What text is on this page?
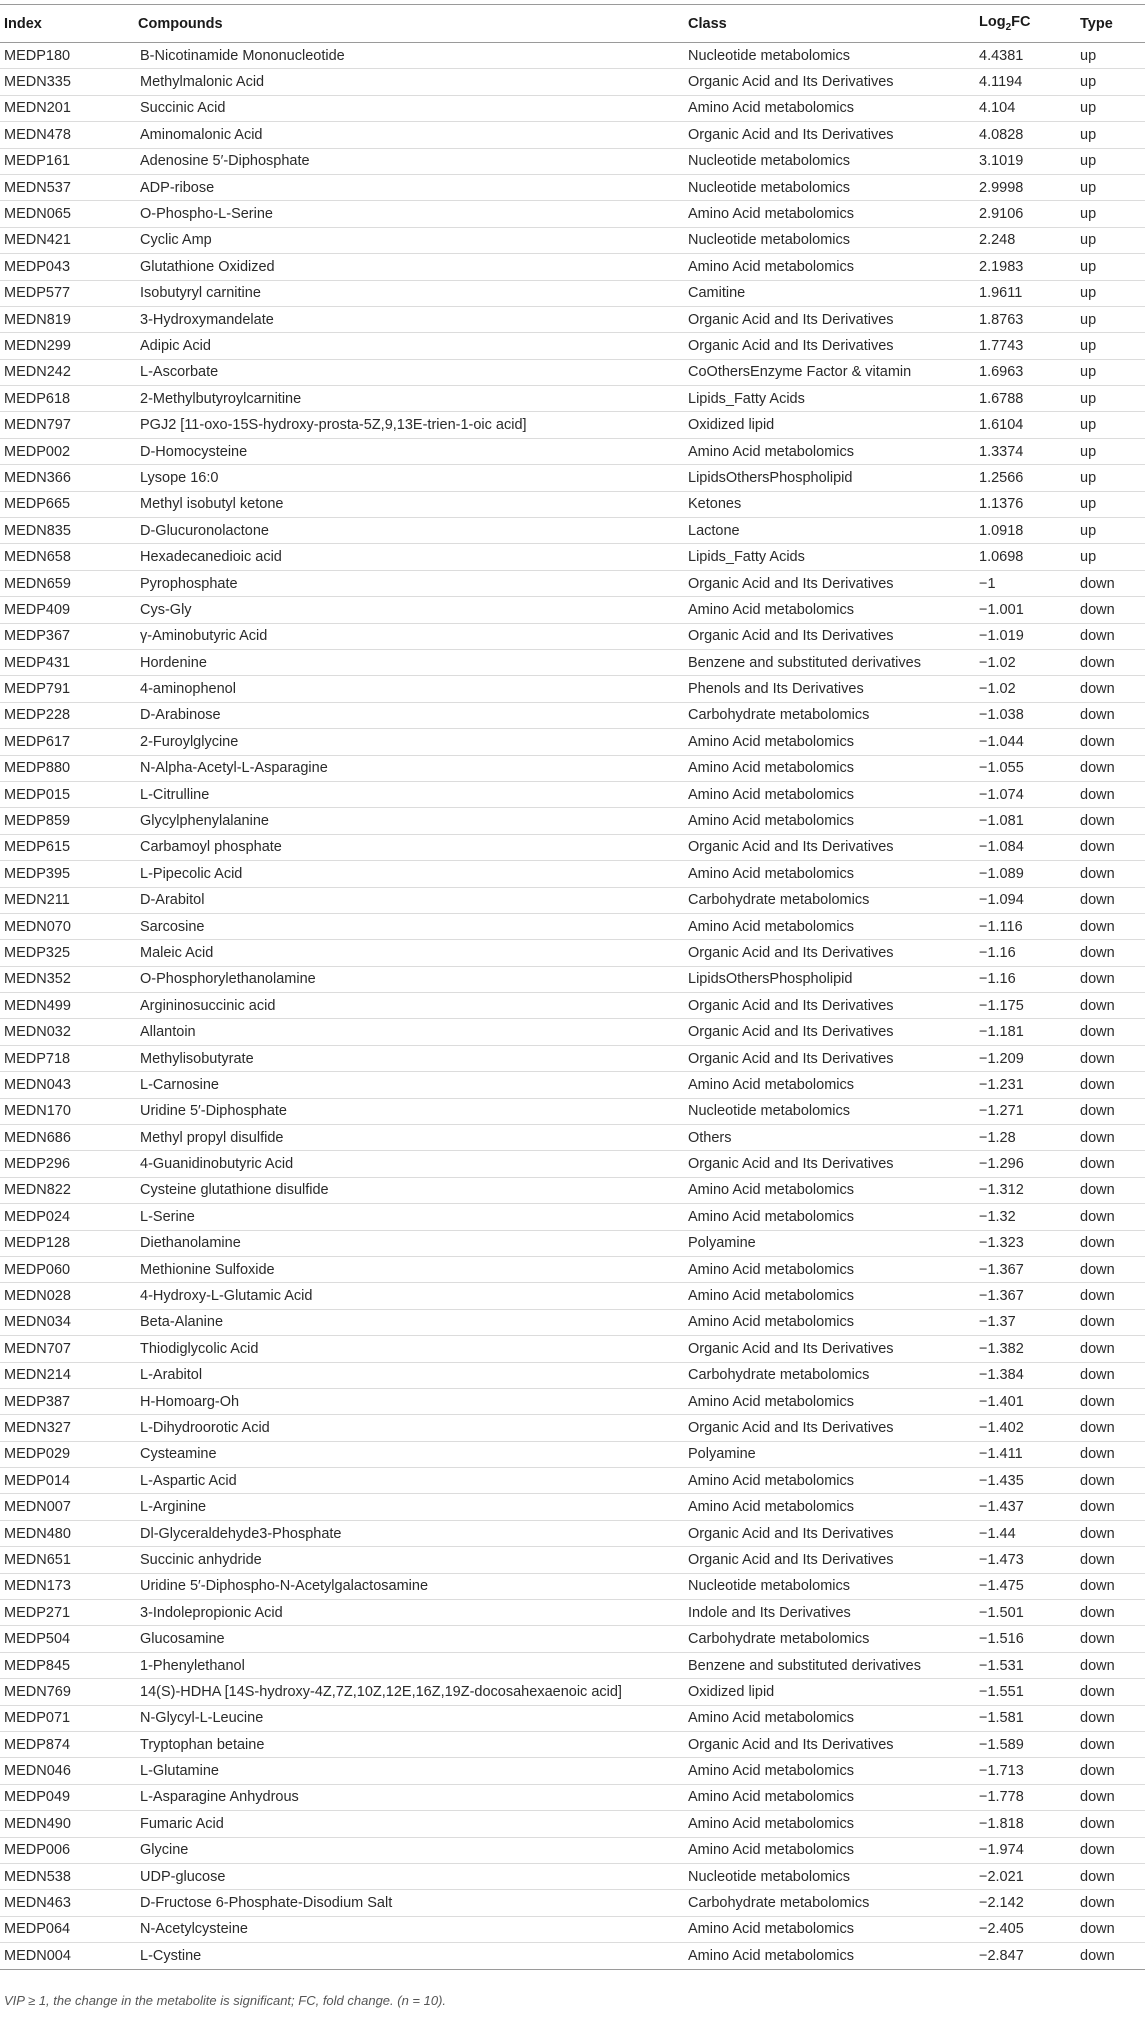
Index	Compounds	Class	Log$_2$FC	Type
MEDP180	B-Nicotinamide Mononucleotide	Nucleotide metabolomics	4.4381	up
MEDN335	Methylmalonic Acid	Organic Acid and Its Derivatives	4.1194	up
MEDN201	Succinic Acid	Amino Acid metabolomics	4.104	up
MEDN478	Aminomalonic Acid	Organic Acid and Its Derivatives	4.0828	up
MEDP161	Adenosine 5′-Diphosphate	Nucleotide metabolomics	3.1019	up
MEDN537	ADP-ribose	Nucleotide metabolomics	2.9998	up
MEDN065	O-Phospho-L-Serine	Amino Acid metabolomics	2.9106	up
MEDN421	Cyclic Amp	Nucleotide metabolomics	2.248	up
MEDP043	Glutathione Oxidized	Amino Acid metabolomics	2.1983	up
MEDP577	Isobutyryl carnitine	Camitine	1.9611	up
MEDN819	3-Hydroxymandelate	Organic Acid and Its Derivatives	1.8763	up
MEDN299	Adipic Acid	Organic Acid and Its Derivatives	1.7743	up
MEDN242	L-Ascorbate	CoOthersEnzyme Factor & vitamin	1.6963	up
MEDP618	2-Methylbutyroylcarnitine	Lipids_Fatty Acids	1.6788	up
MEDN797	PGJ2 [11-oxo-15S-hydroxy-prosta-5Z,9,13E-trien-1-oic acid]	Oxidized lipid	1.6104	up
MEDP002	D-Homocysteine	Amino Acid metabolomics	1.3374	up
MEDN366	Lysope 16:0	LipidsOthersPhospholipid	1.2566	up
MEDP665	Methyl isobutyl ketone	Ketones	1.1376	up
MEDN835	D-Glucuronolactone	Lactone	1.0918	up
MEDN658	Hexadecanedioic acid	Lipids_Fatty Acids	1.0698	up
MEDN659	Pyrophosphate	Organic Acid and Its Derivatives	−1	down
MEDP409	Cys-Gly	Amino Acid metabolomics	−1.001	down
MEDP367	γ-Aminobutyric Acid	Organic Acid and Its Derivatives	−1.019	down
MEDP431	Hordenine	Benzene and substituted derivatives	−1.02	down
MEDP791	4-aminophenol	Phenols and Its Derivatives	−1.02	down
MEDP228	D-Arabinose	Carbohydrate metabolomics	−1.038	down
MEDP617	2-Furoylglycine	Amino Acid metabolomics	−1.044	down
MEDP880	N-Alpha-Acetyl-L-Asparagine	Amino Acid metabolomics	−1.055	down
MEDP015	L-Citrulline	Amino Acid metabolomics	−1.074	down
MEDP859	Glycylphenylalanine	Amino Acid metabolomics	−1.081	down
MEDP615	Carbamoyl phosphate	Organic Acid and Its Derivatives	−1.084	down
MEDP395	L-Pipecolic Acid	Amino Acid metabolomics	−1.089	down
MEDN211	D-Arabitol	Carbohydrate metabolomics	−1.094	down
MEDN070	Sarcosine	Amino Acid metabolomics	−1.116	down
MEDP325	Maleic Acid	Organic Acid and Its Derivatives	−1.16	down
MEDN352	O-Phosphorylethanolamine	LipidsOthersPhospholipid	−1.16	down
MEDN499	Argininosuccinic acid	Organic Acid and Its Derivatives	−1.175	down
MEDN032	Allantoin	Organic Acid and Its Derivatives	−1.181	down
MEDP718	Methylisobutyrate	Organic Acid and Its Derivatives	−1.209	down
MEDN043	L-Carnosine	Amino Acid metabolomics	−1.231	down
MEDN170	Uridine 5′-Diphosphate	Nucleotide metabolomics	−1.271	down
MEDN686	Methyl propyl disulfide	Others	−1.28	down
MEDP296	4-Guanidinobutyric Acid	Organic Acid and Its Derivatives	−1.296	down
MEDN822	Cysteine glutathione disulfide	Amino Acid metabolomics	−1.312	down
MEDP024	L-Serine	Amino Acid metabolomics	−1.32	down
MEDP128	Diethanolamine	Polyamine	−1.323	down
MEDP060	Methionine Sulfoxide	Amino Acid metabolomics	−1.367	down
MEDN028	4-Hydroxy-L-Glutamic Acid	Amino Acid metabolomics	−1.367	down
MEDN034	Beta-Alanine	Amino Acid metabolomics	−1.37	down
MEDN707	Thiodiglycolic Acid	Organic Acid and Its Derivatives	−1.382	down
MEDN214	L-Arabitol	Carbohydrate metabolomics	−1.384	down
MEDP387	H-Homoarg-Oh	Amino Acid metabolomics	−1.401	down
MEDN327	L-Dihydroorotic Acid	Organic Acid and Its Derivatives	−1.402	down
MEDP029	Cysteamine	Polyamine	−1.411	down
MEDP014	L-Aspartic Acid	Amino Acid metabolomics	−1.435	down
MEDN007	L-Arginine	Amino Acid metabolomics	−1.437	down
MEDN480	Dl-Glyceraldehyde3-Phosphate	Organic Acid and Its Derivatives	−1.44	down
MEDN651	Succinic anhydride	Organic Acid and Its Derivatives	−1.473	down
MEDN173	Uridine 5′-Diphospho-N-Acetylgalactosamine	Nucleotide metabolomics	−1.475	down
MEDP271	3-Indolepropionic Acid	Indole and Its Derivatives	−1.501	down
MEDP504	Glucosamine	Carbohydrate metabolomics	−1.516	down
MEDP845	1-Phenylethanol	Benzene and substituted derivatives	−1.531	down
MEDN769	14(S)-HDHA [14S-hydroxy-4Z,7Z,10Z,12E,16Z,19Z-docosahexaenoic acid]	Oxidized lipid	−1.551	down
MEDP071	N-Glycyl-L-Leucine	Amino Acid metabolomics	−1.581	down
MEDP874	Tryptophan betaine	Organic Acid and Its Derivatives	−1.589	down
MEDN046	L-Glutamine	Amino Acid metabolomics	−1.713	down
MEDP049	L-Asparagine Anhydrous	Amino Acid metabolomics	−1.778	down
MEDN490	Fumaric Acid	Amino Acid metabolomics	−1.818	down
MEDP006	Glycine	Amino Acid metabolomics	−1.974	down
MEDN538	UDP-glucose	Nucleotide metabolomics	−2.021	down
MEDN463	D-Fructose 6-Phosphate-Disodium Salt	Carbohydrate metabolomics	−2.142	down
MEDP064	N-Acetylcysteine	Amino Acid metabolomics	−2.405	down
MEDN004	L-Cystine	Amino Acid metabolomics	−2.847	down
VIP ≥ 1, the change in the metabolite is significant; FC, fold change. (n = 10).
